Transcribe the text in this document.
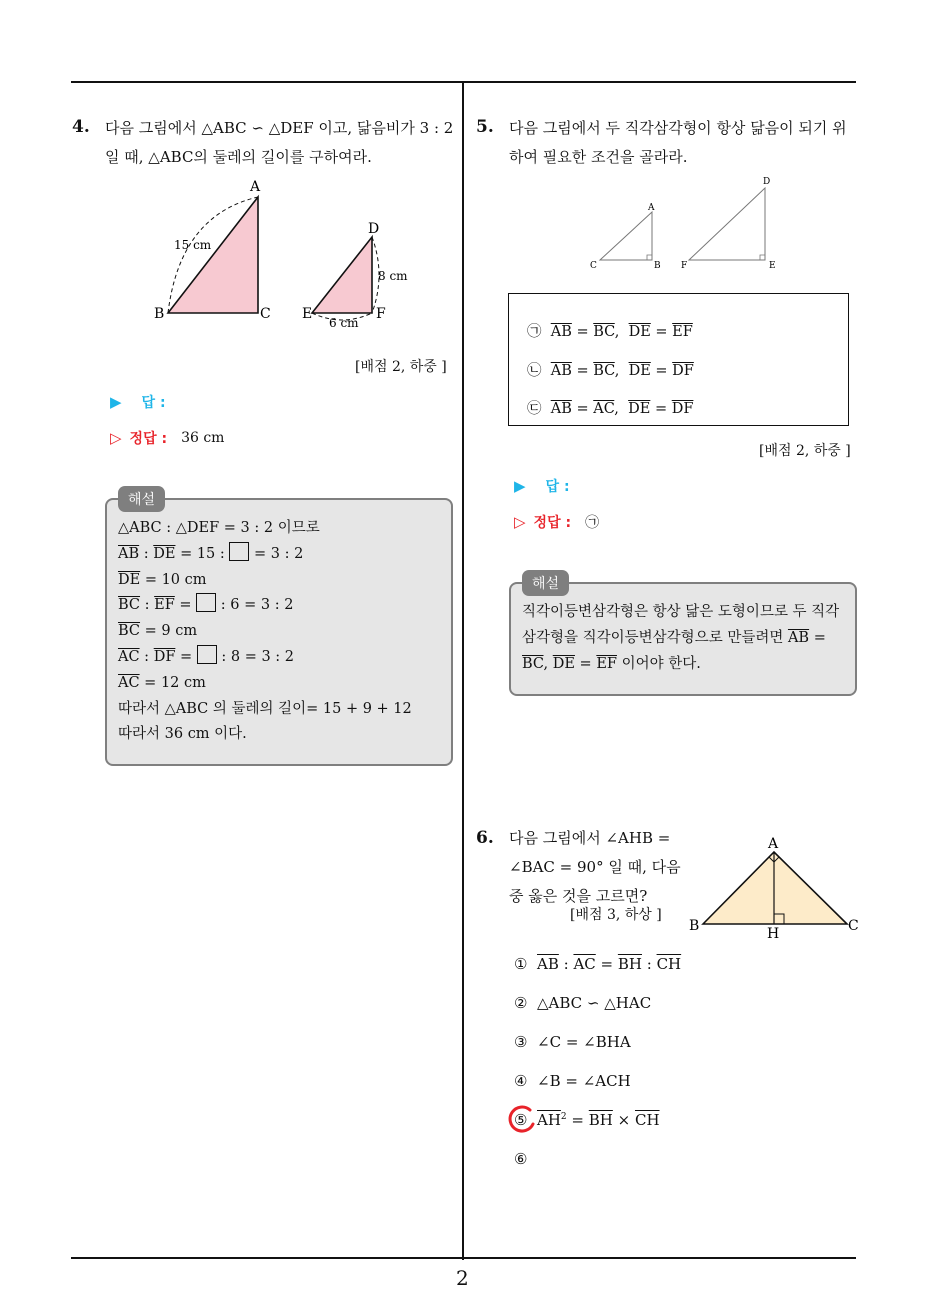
2
4. 다음 그림에서 △ABC ∽ △DEF 이고, 닮음비가 3 : 2
일 때, △ABC의 둘레의 길이를 구하여라.
A
B	C
15 cm
D
E	F
8 cm
6 cm
[배점 2, 하중 ]
▶ 답 :
▷ 정답 : 36 cm
해설
△ABC : △DEF = 3 : 2 이므로
$\overline{AB}$ : $\overline{DE} = 15$ :  = 3 : 2
$\overline{DE} = 10$ cm
$\overline{BC}$ : $\overline{EF}$ =  : 6 = 3 : 2
$\overline{BC} = 9$ cm
$\overline{AC}$ : $\overline{DF}$ =  : 8 = 3 : 2
$\overline{AC} = 12$ cm
따라서 △ABC 의 둘레의 길이= 15 + 9 + 12
따라서 36 cm 이다.
5. 다음 그림에서 두 직각삼각형이 항상 닮음이 되기 위
하여 필요한 조건을 골라라.
A
B
C
D
E
F
㉠ $\overline{AB} = \overline{BC}$,  $\overline{DE} = \overline{EF}$
㉡ $\overline{AB} = \overline{BC}$,  $\overline{DE} = \overline{DF}$
㉢ $\overline{AB} = \overline{AC}$,  $\overline{DE} = \overline{DF}$
[배점 2, 하중 ]
▶ 답 :
▷ 정답 : ㉠
해설
직각이등변삼각형은 항상 닮은 도형이므로 두 직각
삼각형을 직각이등변삼각형으로 만들려면 $\overline{AB}$ =
$\overline{BC}$, $\overline{DE} = \overline{EF}$ 이어야 한다.
6. 다음 그림에서 ∠AHB =
∠BAC = 90° 일 때, 다음
중 옳은 것을 고르면?
[배점 3, 하상 ]
A
B	C
H
① $\overline{AB}$ : $\overline{AC} = \overline{BH}$ : $\overline{CH}$
② △ABC ∽ △HAC
③ ∠C = ∠BHA
④ ∠B = ∠ACH
⑤ $\overline{AH}^2 = \overline{BH} \times \overline{CH}$
⑥
